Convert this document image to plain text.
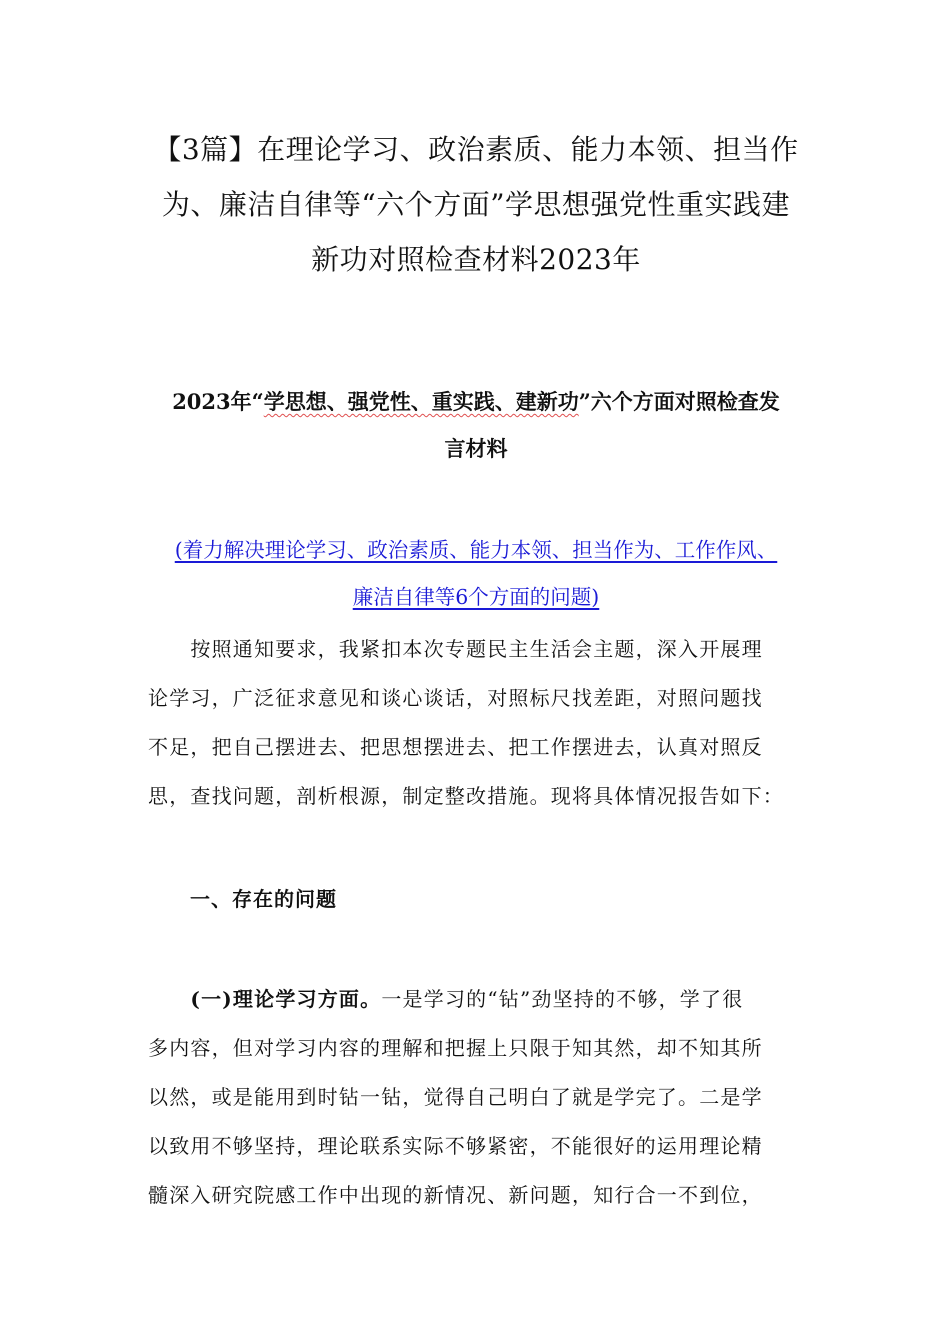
【3篇】在理论学习、政治素质、能力本领、担当作
为、廉洁自律等“六个方面”学思想强党性重实践建
新功对照检查材料2023年
2023年“学思想、强党性、重实践、建新功”六个方面对照检查发
言材料
(着力解决理论学习、政治素质、能力本领、担当作为、工作作风、
廉洁自律等6个方面的问题)
　　按照通知要求，我紧扣本次专题民主生活会主题，深入开展理
论学习，广泛征求意见和谈心谈话，对照标尺找差距，对照问题找
不足，把自己摆进去、把思想摆进去、把工作摆进去，认真对照反
思，查找问题，剖析根源，制定整改措施。现将具体情况报告如下：
一、存在的问题
　　(一)理论学习方面。一是学习的“钻”劲坚持的不够，学了很
多内容，但对学习内容的理解和把握上只限于知其然，却不知其所
以然，或是能用到时钻一钻，觉得自己明白了就是学完了。二是学
以致用不够坚持，理论联系实际不够紧密，不能很好的运用理论精
髓深入研究院感工作中出现的新情况、新问题，知行合一不到位，
